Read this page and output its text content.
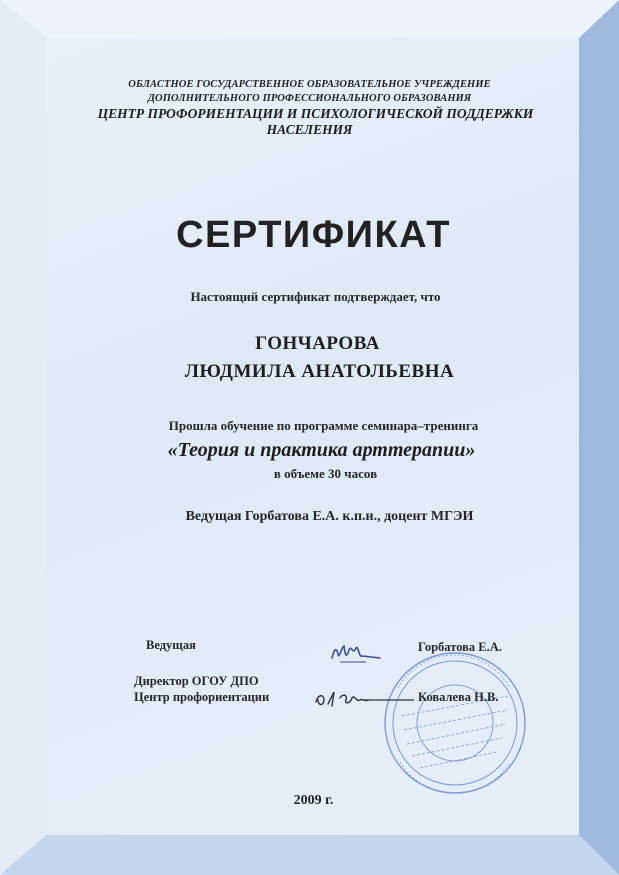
ОБЛАСТНОЕ ГОСУДАРСТВЕННОЕ ОБРАЗОВАТЕЛЬНОЕ УЧРЕЖДЕНИЕ
ДОПОЛНИТЕЛЬНОГО ПРОФЕССИОНАЛЬНОГО ОБРАЗОВАНИЯ
ЦЕНТР ПРОФОРИЕНТАЦИИ И ПСИХОЛОГИЧЕСКОЙ ПОДДЕРЖКИ
НАСЕЛЕНИЯ
СЕРТИФИКАТ
Настоящий сертификат подтверждает, что
ГОНЧАРОВА
ЛЮДМИЛА АНАТОЛЬЕВНА
Прошла обучение по программе семинара–тренинга
«Теория и практика арттерапии»
в объеме 30 часов
Ведущая Горбатова Е.А. к.п.н., доцент МГЭИ
Ведущая	Горбатова Е.А.
Директор ОГОУ ДПО
Центр профориентации	Ковалева Н.В.
2009 г.
